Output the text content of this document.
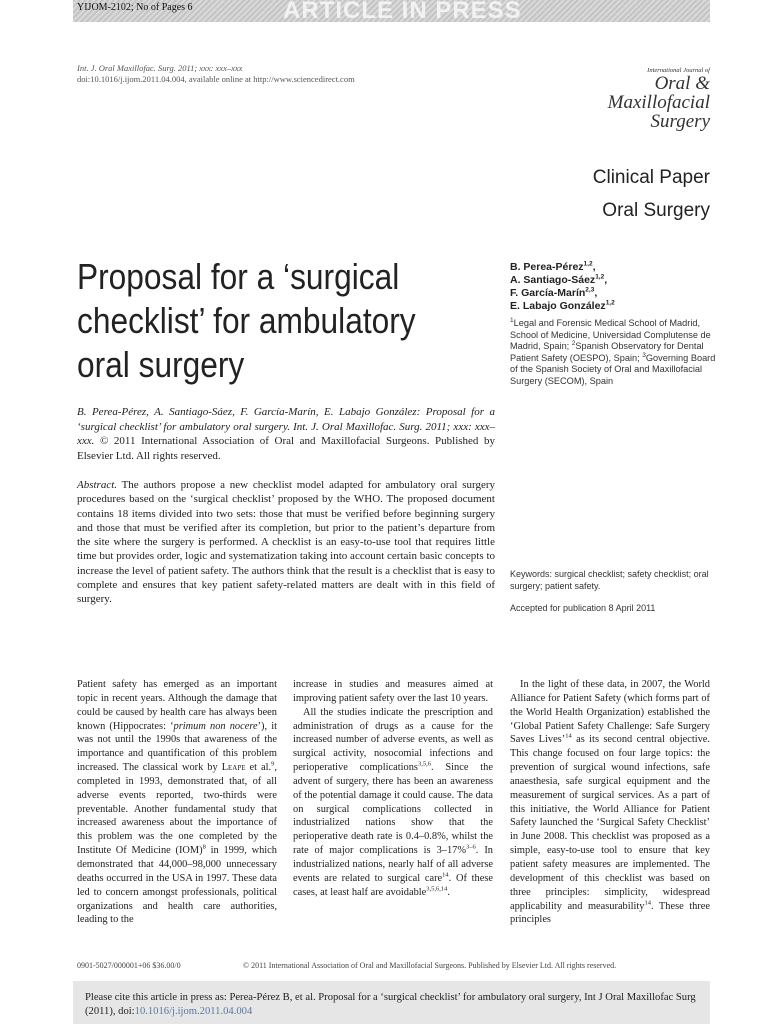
YIJOM-2102; No of Pages 6	ARTICLE IN PRESS
Int. J. Oral Maxillofac. Surg. 2011; xxx: xxx–xxx
doi:10.1016/j.ijom.2011.04.004, available online at http://www.sciencedirect.com
International Journal of
Oral &
Maxillofacial
Surgery
Clinical Paper
Oral Surgery
Proposal for a ‘surgical checklist’ for ambulatory oral surgery
B. Perea-Pérez$^{1,2}$,
A. Santiago-Sáez$^{1,2}$,
F. García-Marín$^{2,3}$,
E. Labajo González$^{1,2}$
$^1$Legal and Forensic Medical School of Madrid, School of Medicine, Universidad Complutense de Madrid, Spain; $^2$Spanish Observatory for Dental Patient Safety (OESPO), Spain; $^3$Governing Board of the Spanish Society of Oral and Maxillofacial Surgery (SECOM), Spain
B. Perea-Pérez, A. Santiago-Sáez, F. García-Marín, E. Labajo González: Proposal for a ‘surgical checklist’ for ambulatory oral surgery. Int. J. Oral Maxillofac. Surg. 2011; xxx: xxx–xxx. © 2011 International Association of Oral and Maxillofacial Surgeons. Published by Elsevier Ltd. All rights reserved.
Abstract. The authors propose a new checklist model adapted for ambulatory oral surgery procedures based on the ‘surgical checklist’ proposed by the WHO. The proposed document contains 18 items divided into two sets: those that must be verified before beginning surgery and those that must be verified after its completion, but prior to the patient’s departure from the site where the surgery is performed. A checklist is an easy-to-use tool that requires little time but provides order, logic and systematization taking into account certain basic concepts to increase the level of patient safety. The authors think that the result is a checklist that is easy to complete and ensures that key patient safety-related matters are dealt with in this field of surgery.
Keywords: surgical checklist; safety checklist; oral surgery; patient safety.
Accepted for publication 8 April 2011

Patient safety has emerged as an important topic in recent years. Although the damage that could be caused by health care has always been known (Hippocrates: ‘primum non nocere’), it was not until the 1990s that awareness of the importance and quantification of this problem increased. The classical work by Leape et al.$^9$, completed in 1993, demonstrated that, of all adverse events reported, two-thirds were preventable. Another fundamental study that increased awareness about the importance of this problem was the one completed by the Institute Of Medicine (IOM)$^8$ in 1999, which demonstrated that 44,000–98,000 unnecessary deaths occurred in the USA in 1997. These data led to concern amongst professionals, political organizations and health care authorities, leading to the

increase in studies and measures aimed at improving patient safety over the last 10 years.

All the studies indicate the prescription and administration of drugs as a cause for the increased number of adverse events, as well as surgical activity, nosocomial infections and perioperative complications$^{3,5,6}$. Since the advent of surgery, there has been an awareness of the potential damage it could cause. The data on surgical complications collected in industrialized nations show that the perioperative death rate is 0.4–0.8%, whilst the rate of major complications is 3–17%$^{3-6}$. In industrialized nations, nearly half of all adverse events are related to surgical care$^{14}$. Of these cases, at least half are avoidable$^{3,5,6,14}$.

In the light of these data, in 2007, the World Alliance for Patient Safety (which forms part of the World Health Organization) established the ‘Global Patient Safety Challenge: Safe Surgery Saves Lives’$^{14}$ as its second central objective. This change focused on four large topics: the prevention of surgical wound infections, safe anaesthesia, safe surgical equipment and the measurement of surgical services. As a part of this initiative, the World Alliance for Patient Safety launched the ‘Surgical Safety Checklist’ in June 2008. This checklist was proposed as a simple, easy-to-use tool to ensure that key patient safety measures are implemented. The development of this checklist was based on three principles: simplicity, widespread applicability and measurability$^{14}$. These three principles

0901-5027/000001+06 $36.00/0	© 2011 International Association of Oral and Maxillofacial Surgeons. Published by Elsevier Ltd. All rights reserved.
Please cite this article in press as: Perea-Pérez B, et al. Proposal for a ‘surgical checklist’ for ambulatory oral surgery, Int J Oral Maxillofac Surg (2011), doi:10.1016/j.ijom.2011.04.004
